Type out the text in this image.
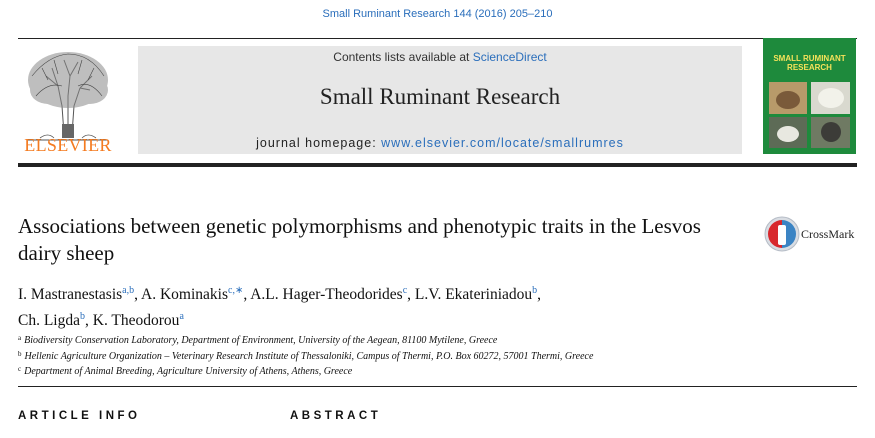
Small Ruminant Research 144 (2016) 205–210
ELSEVIER
Contents lists available at ScienceDirect
Small Ruminant Research
journal homepage: www.elsevier.com/locate/smallrumres
SMALL RUMINANT RESEARCH
Associations between genetic polymorphisms and phenotypic traits in the Lesvos dairy sheep
CrossMark
I. Mastranestasis$^{a,b}$, A. Kominakis$^{c,∗}$, A.L. Hager-Theodorides$^c$, L.V. Ekateriniadou$^b$,
Ch. Ligda$^b$, K. Theodorou$^a$
$^a$ Biodiversity Conservation Laboratory, Department of Environment, University of the Aegean, 81100 Mytilene, Greece
$^b$ Hellenic Agriculture Organization – Veterinary Research Institute of Thessaloniki, Campus of Thermi, P.O. Box 60272, 57001 Thermi, Greece
$^c$ Department of Animal Breeding, Agriculture University of Athens, Athens, Greece
ARTICLE INFO	ABSTRACT
